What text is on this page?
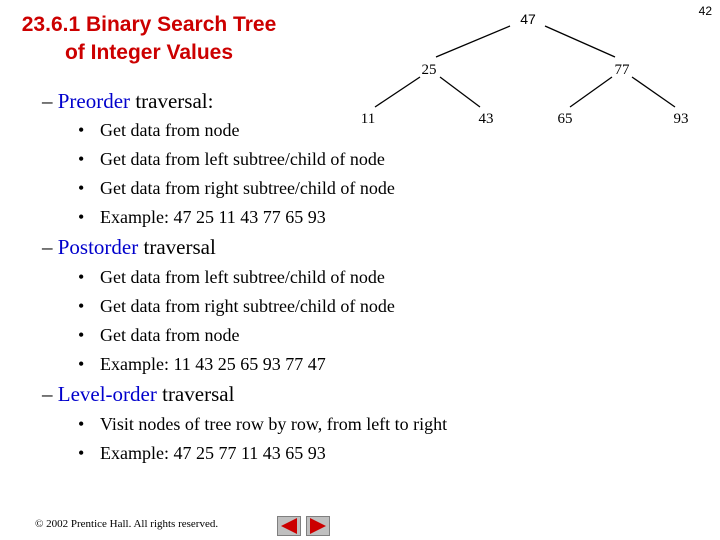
42
23.6.1 Binary Search Tree of Integer Values
47
25	77
11	43	65	93
– Preorder traversal:
• Get data from node
• Get data from left subtree/child of node
• Get data from right subtree/child of node
• Example: 47 25 11 43 77 65 93
– Postorder traversal
• Get data from left subtree/child of node
• Get data from right subtree/child of node
• Get data from node
• Example: 11 43 25 65 93 77 47
– Level-order traversal
• Visit nodes of tree row by row, from left to right
• Example: 47 25 77 11 43 65 93
© 2002 Prentice Hall. All rights reserved.
